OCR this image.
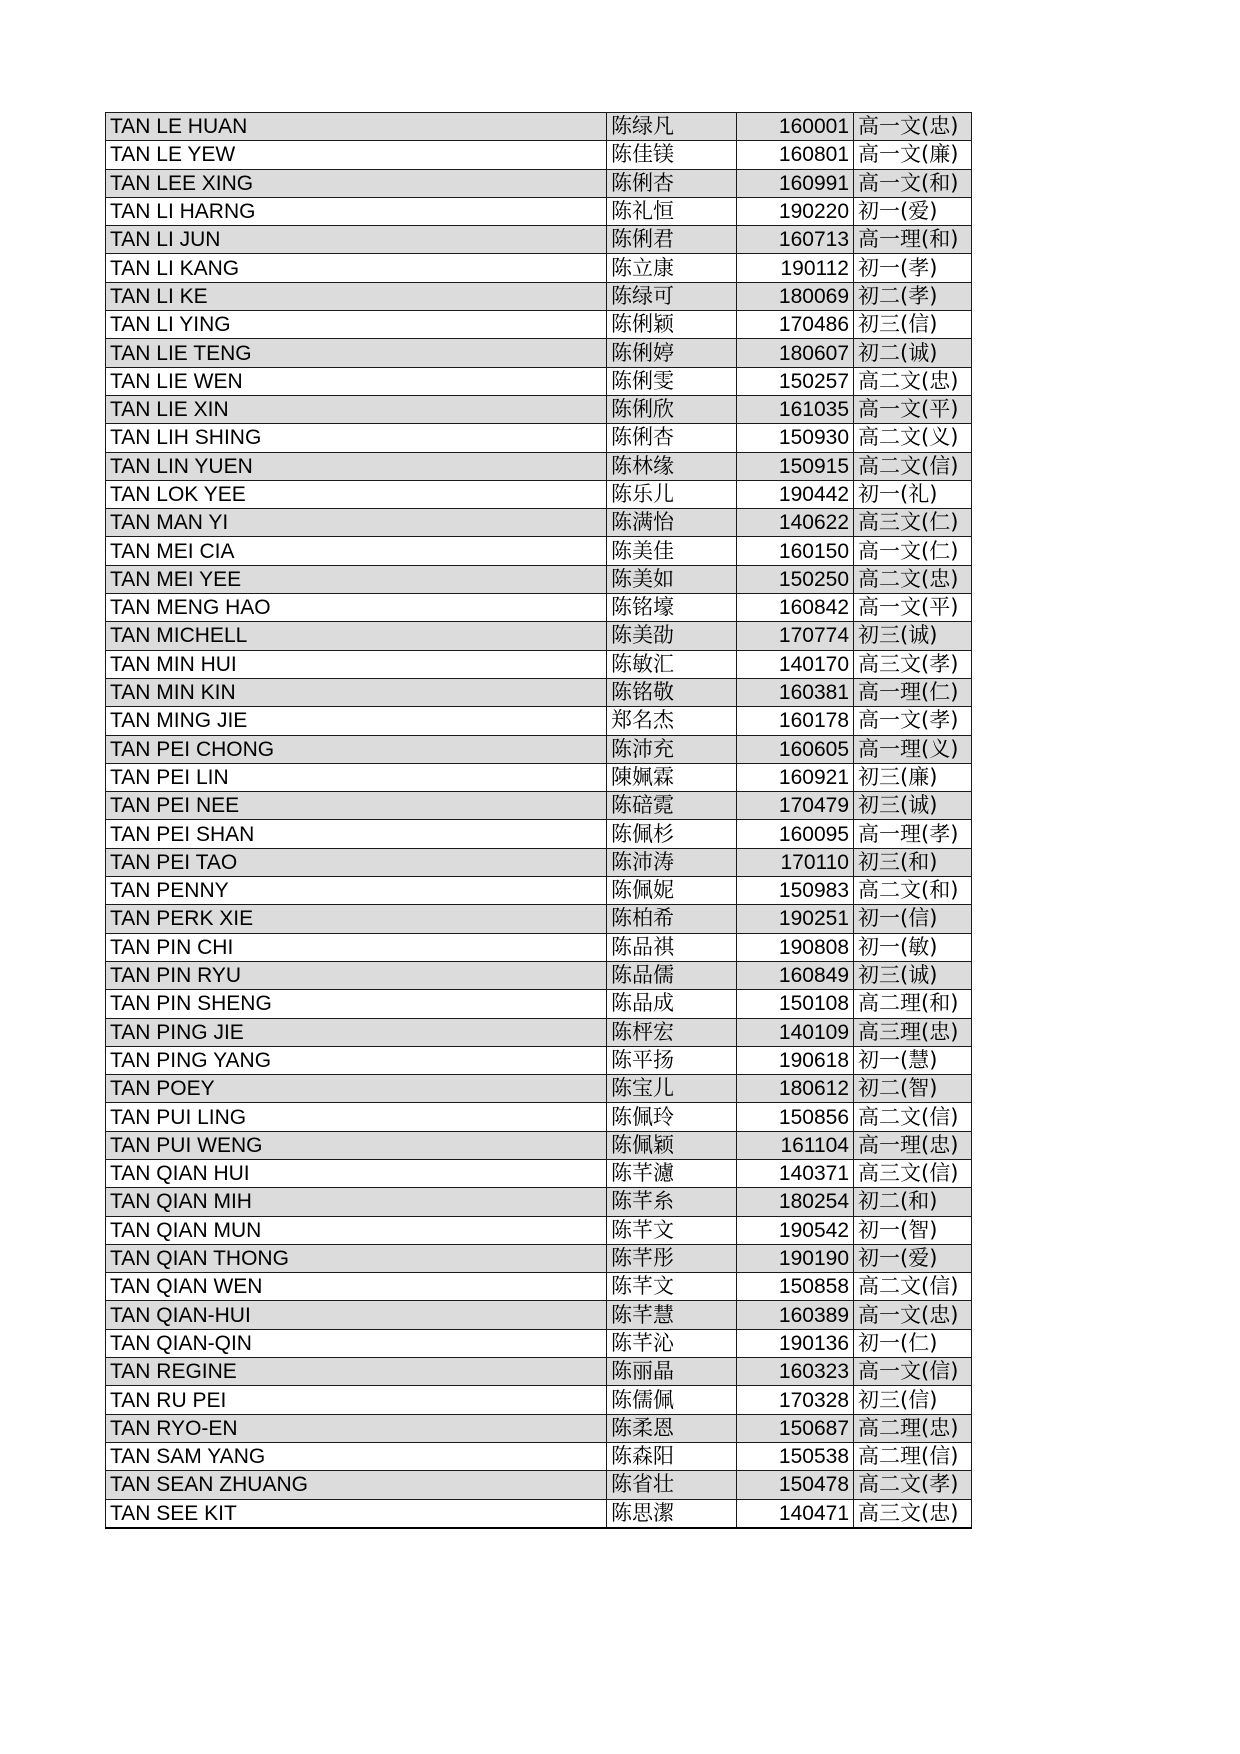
TAN LE HUAN	陈绿凡	160001	高一文(忠)
TAN LE YEW	陈佳镁	160801	高一文(廉)
TAN LEE XING	陈俐杏	160991	高一文(和)
TAN LI HARNG	陈礼恒	190220	初一(爱)
TAN LI JUN	陈俐君	160713	高一理(和)
TAN LI KANG	陈立康	190112	初一(孝)
TAN LI KE	陈绿可	180069	初二(孝)
TAN LI YING	陈俐颖	170486	初三(信)
TAN LIE TENG	陈俐婷	180607	初二(诚)
TAN LIE WEN	陈俐雯	150257	高二文(忠)
TAN LIE XIN	陈俐欣	161035	高一文(平)
TAN LIH SHING	陈俐杏	150930	高二文(义)
TAN LIN YUEN	陈林缘	150915	高二文(信)
TAN LOK YEE	陈乐儿	190442	初一(礼)
TAN MAN YI	陈满怡	140622	高三文(仁)
TAN MEI CIA	陈美佳	160150	高一文(仁)
TAN MEI YEE	陈美如	150250	高二文(忠)
TAN MENG HAO	陈铭壕	160842	高一文(平)
TAN MICHELL	陈美劭	170774	初三(诚)
TAN MIN HUI	陈敏汇	140170	高三文(孝)
TAN MIN KIN	陈铭敬	160381	高一理(仁)
TAN MING JIE	郑名杰	160178	高一文(孝)
TAN PEI CHONG	陈沛充	160605	高一理(义)
TAN PEI LIN	陳姵霖	160921	初三(廉)
TAN PEI NEE	陈碚霓	170479	初三(诚)
TAN PEI SHAN	陈佩杉	160095	高一理(孝)
TAN PEI TAO	陈沛涛	170110	初三(和)
TAN PENNY	陈佩妮	150983	高二文(和)
TAN PERK XIE	陈柏希	190251	初一(信)
TAN PIN CHI	陈品祺	190808	初一(敏)
TAN PIN RYU	陈品儒	160849	初三(诚)
TAN PIN SHENG	陈品成	150108	高二理(和)
TAN PING JIE	陈枰宏	140109	高三理(忠)
TAN PING YANG	陈平扬	190618	初一(慧)
TAN POEY	陈宝儿	180612	初二(智)
TAN PUI LING	陈佩玲	150856	高二文(信)
TAN PUI WENG	陈佩颖	161104	高一理(忠)
TAN QIAN HUI	陈芊濾	140371	高三文(信)
TAN QIAN MIH	陈芊糸	180254	初二(和)
TAN QIAN MUN	陈芊文	190542	初一(智)
TAN QIAN THONG	陈芊彤	190190	初一(爱)
TAN QIAN WEN	陈芊文	150858	高二文(信)
TAN QIAN-HUI	陈芊慧	160389	高一文(忠)
TAN QIAN-QIN	陈芊沁	190136	初一(仁)
TAN REGINE	陈丽晶	160323	高一文(信)
TAN RU PEI	陈儒佩	170328	初三(信)
TAN RYO-EN	陈柔恩	150687	高二理(忠)
TAN SAM YANG	陈森阳	150538	高二理(信)
TAN SEAN ZHUANG	陈省壮	150478	高二文(孝)
TAN SEE KIT	陈思潔	140471	高三文(忠)
